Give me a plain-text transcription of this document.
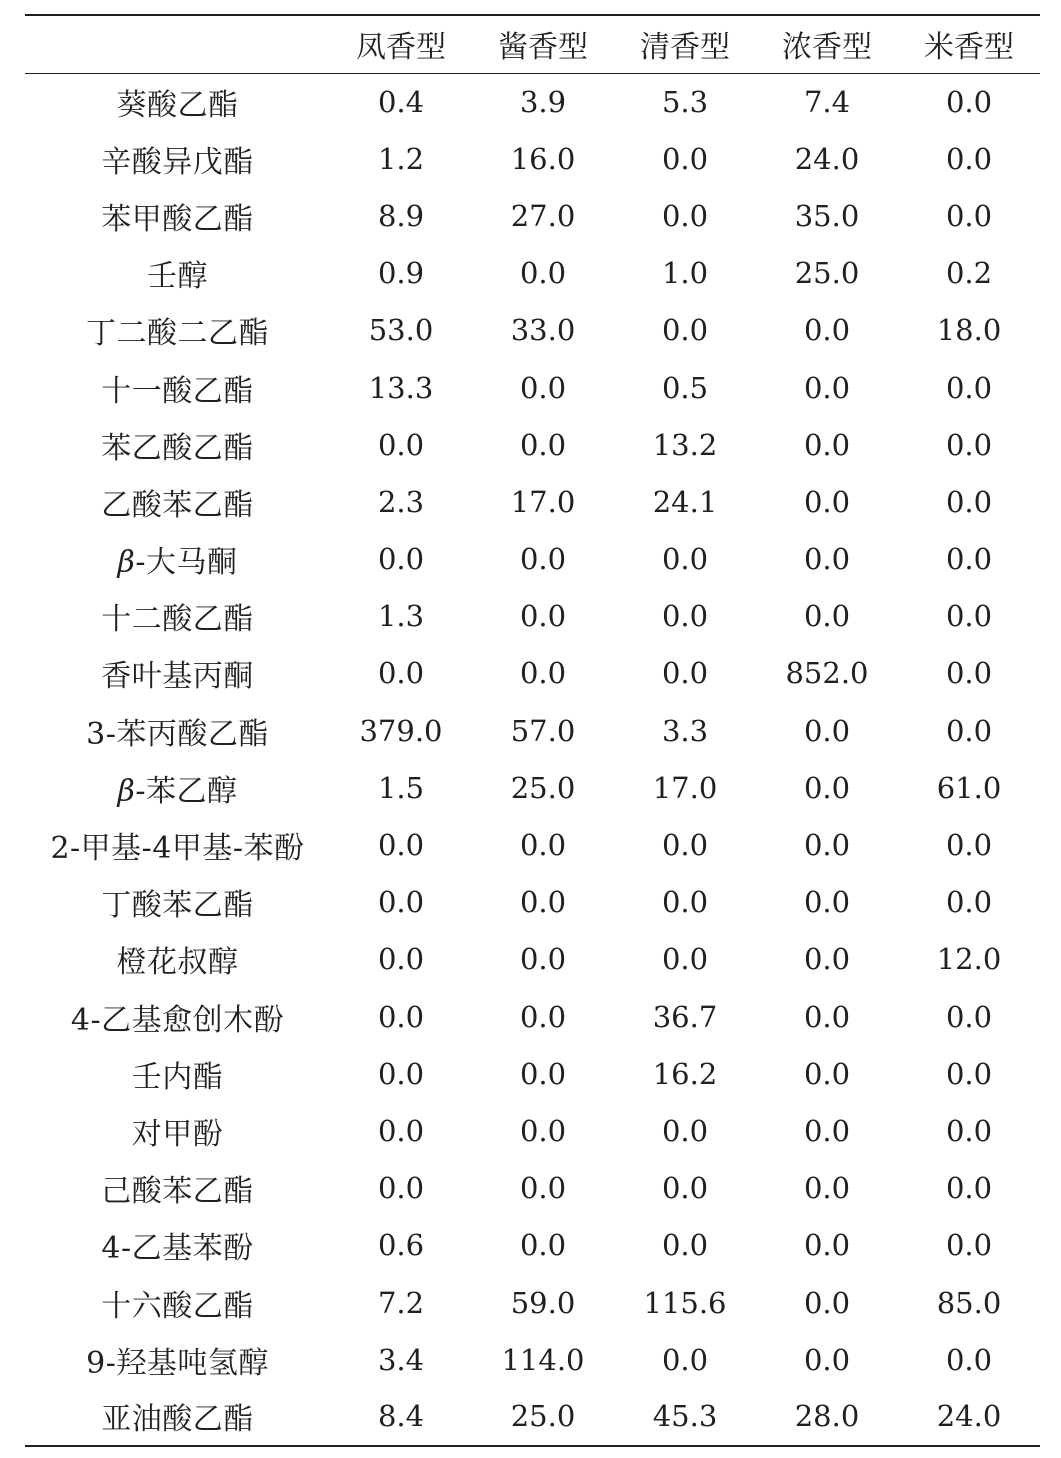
	凤香型	酱香型	清香型	浓香型	米香型
葵酸乙酯	0.4	3.9	5.3	7.4	0.0
辛酸异戊酯	1.2	16.0	0.0	24.0	0.0
苯甲酸乙酯	8.9	27.0	0.0	35.0	0.0
壬醇	0.9	0.0	1.0	25.0	0.2
丁二酸二乙酯	53.0	33.0	0.0	0.0	18.0
十一酸乙酯	13.3	0.0	0.5	0.0	0.0
苯乙酸乙酯	0.0	0.0	13.2	0.0	0.0
乙酸苯乙酯	2.3	17.0	24.1	0.0	0.0
β-大马酮	0.0	0.0	0.0	0.0	0.0
十二酸乙酯	1.3	0.0	0.0	0.0	0.0
香叶基丙酮	0.0	0.0	0.0	852.0	0.0
3-苯丙酸乙酯	379.0	57.0	3.3	0.0	0.0
β-苯乙醇	1.5	25.0	17.0	0.0	61.0
2-甲基-4甲基-苯酚	0.0	0.0	0.0	0.0	0.0
丁酸苯乙酯	0.0	0.0	0.0	0.0	0.0
橙花叔醇	0.0	0.0	0.0	0.0	12.0
4-乙基愈创木酚	0.0	0.0	36.7	0.0	0.0
壬内酯	0.0	0.0	16.2	0.0	0.0
对甲酚	0.0	0.0	0.0	0.0	0.0
己酸苯乙酯	0.0	0.0	0.0	0.0	0.0
4-乙基苯酚	0.6	0.0	0.0	0.0	0.0
十六酸乙酯	7.2	59.0	115.6	0.0	85.0
9-羟基吨氢醇	3.4	114.0	0.0	0.0	0.0
亚油酸乙酯	8.4	25.0	45.3	28.0	24.0
